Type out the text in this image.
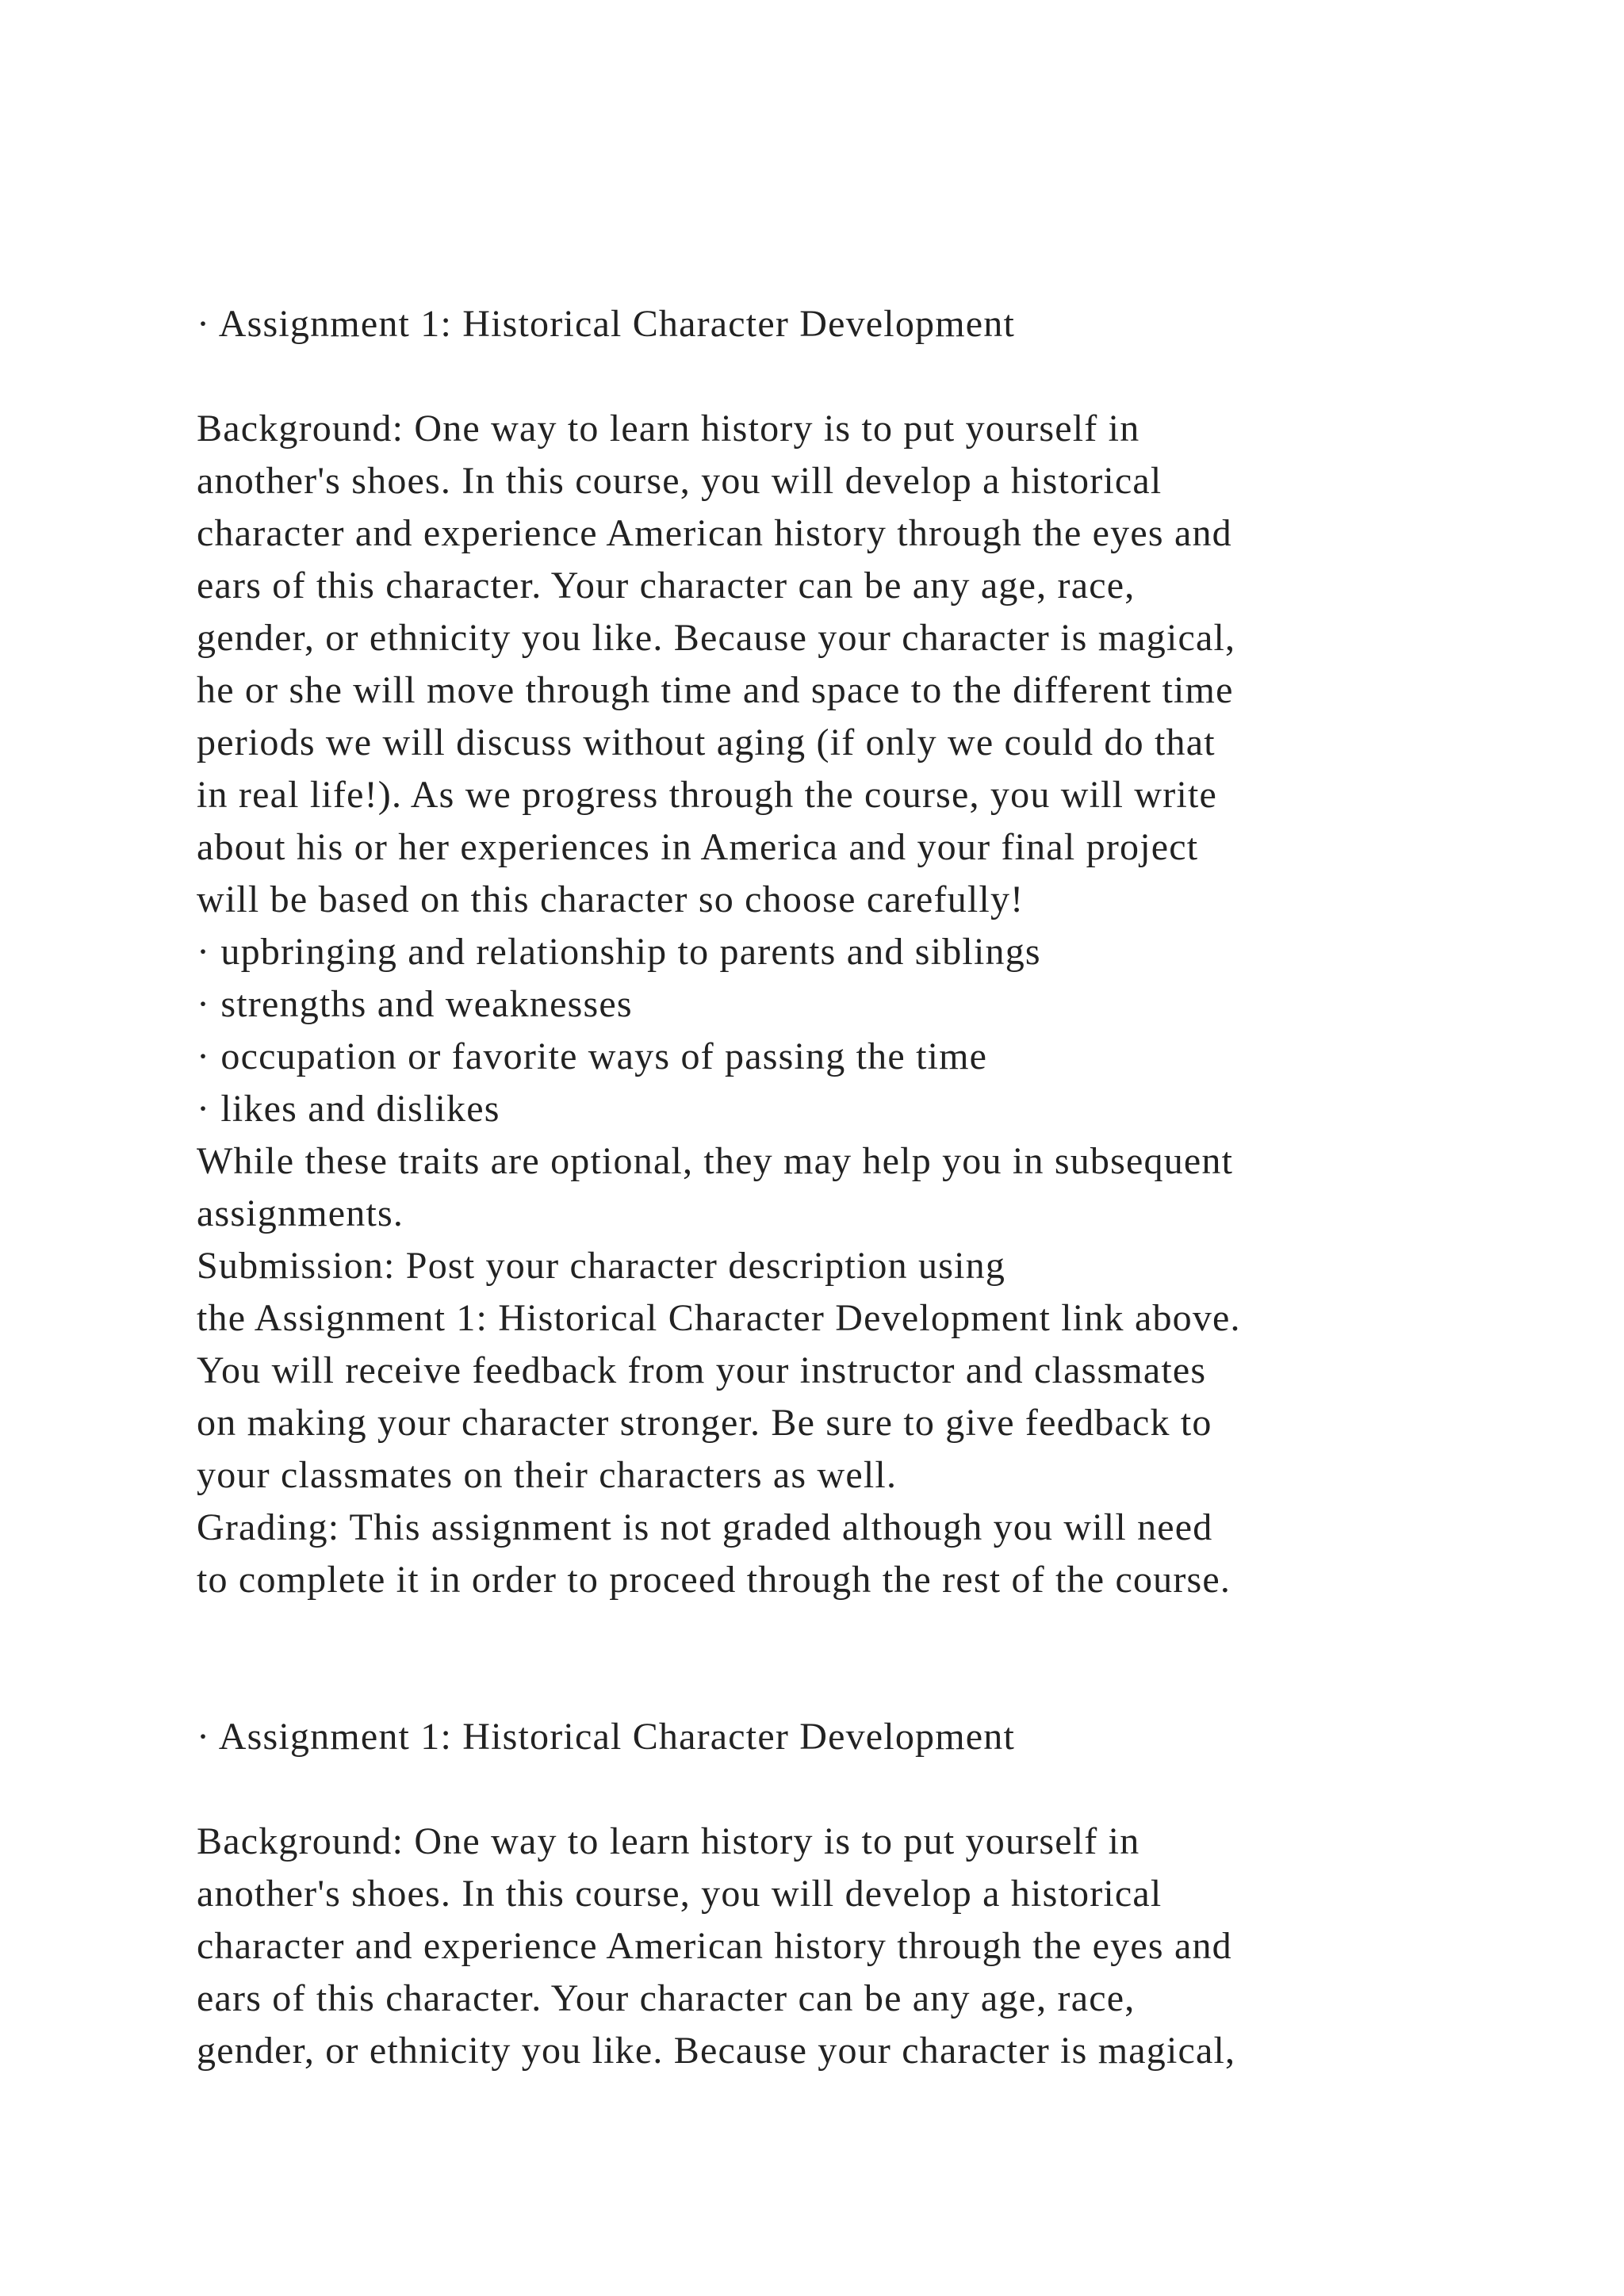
· Assignment 1: Historical Character Development
Background: One way to learn history is to put yourself in
another's shoes. In this course, you will develop a historical
character and experience American history through the eyes and
ears of this character. Your character can be any age, race,
gender, or ethnicity you like. Because your character is magical,
he or she will move through time and space to the different time
periods we will discuss without aging (if only we could do that
in real life!). As we progress through the course, you will write
about his or her experiences in America and your final project
will be based on this character so choose carefully!
· upbringing and relationship to parents and siblings
· strengths and weaknesses
· occupation or favorite ways of passing the time
· likes and dislikes
While these traits are optional, they may help you in subsequent
assignments.
Submission: Post your character description using
the Assignment 1: Historical Character Development link above.
You will receive feedback from your instructor and classmates
on making your character stronger. Be sure to give feedback to
your classmates on their characters as well.
Grading: This assignment is not graded although you will need
to complete it in order to proceed through the rest of the course.
· Assignment 1: Historical Character Development
Background: One way to learn history is to put yourself in
another's shoes. In this course, you will develop a historical
character and experience American history through the eyes and
ears of this character. Your character can be any age, race,
gender, or ethnicity you like. Because your character is magical,
